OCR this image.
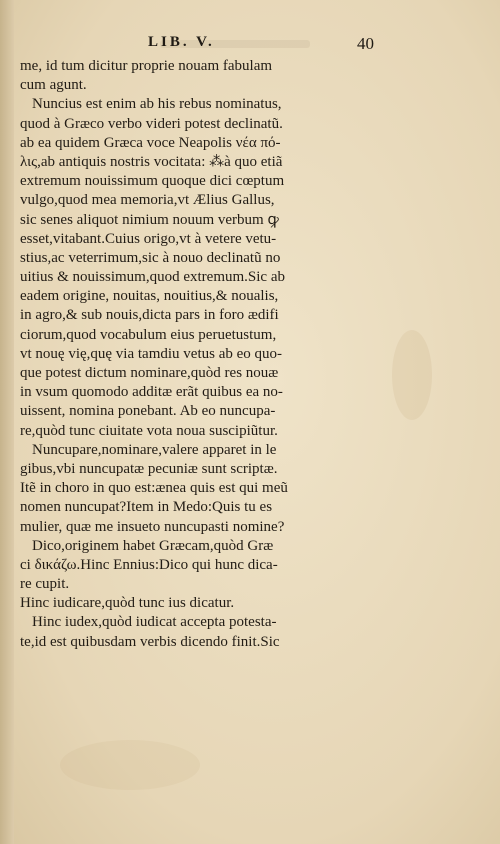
LIB. V.	40
me, id tum dicitur proprie nouam fabulam
cum agunt.
Nuncius est enim ab his rebus nominatus,
quod à Græco verbo videri potest declinatũ.
ab ea quidem Græca voce Neapolis νέα πό-
λις,ab antiquis nostris vocitata: ⁂à quo etiã
extremum nouissimum quoque dici cœptum
vulgo,quod mea memoria,vt Ælius Gallus,
sic senes aliquot nimium nouum verbum ꝙ
esset,vitabant.Cuius origo,vt à vetere vetu-
stius,ac veterrimum,sic à nouo declinatũ no
uitius & nouissimum,quod extremum.Sic ab
eadem origine, nouitas, nouitius,& noualis,
in agro,& sub nouis,dicta pars in foro ædifi
ciorum,quod vocabulum eius peruetustum,
vt nouę vię,quę via tamdiu vetus ab eo quo-
que potest dictum nominare,quòd res nouæ
in vsum quomodo additæ erãt quibus ea no-
uissent, nomina ponebant. Ab eo nuncupa-
re,quòd tunc ciuitate vota noua suscipiũtur.
Nuncupare,nominare,valere apparet in le
gibus,vbi nuncupatæ pecuniæ sunt scriptæ.
Itẽ in choro in quo est:ænea quis est qui meũ
nomen nuncupat?Item in Medo:Quis tu es
mulier, quæ me insueto nuncupasti nomine?
Dico,originem habet Græcam,quòd Græ
ci δικάζω.Hinc Ennius:Dico qui hunc dica-
re cupit.
Hinc iudicare,quòd tunc ius dicatur.
Hinc iudex,quòd iudicat accepta potesta-
te,id est quibusdam verbis dicendo finit.Sic
